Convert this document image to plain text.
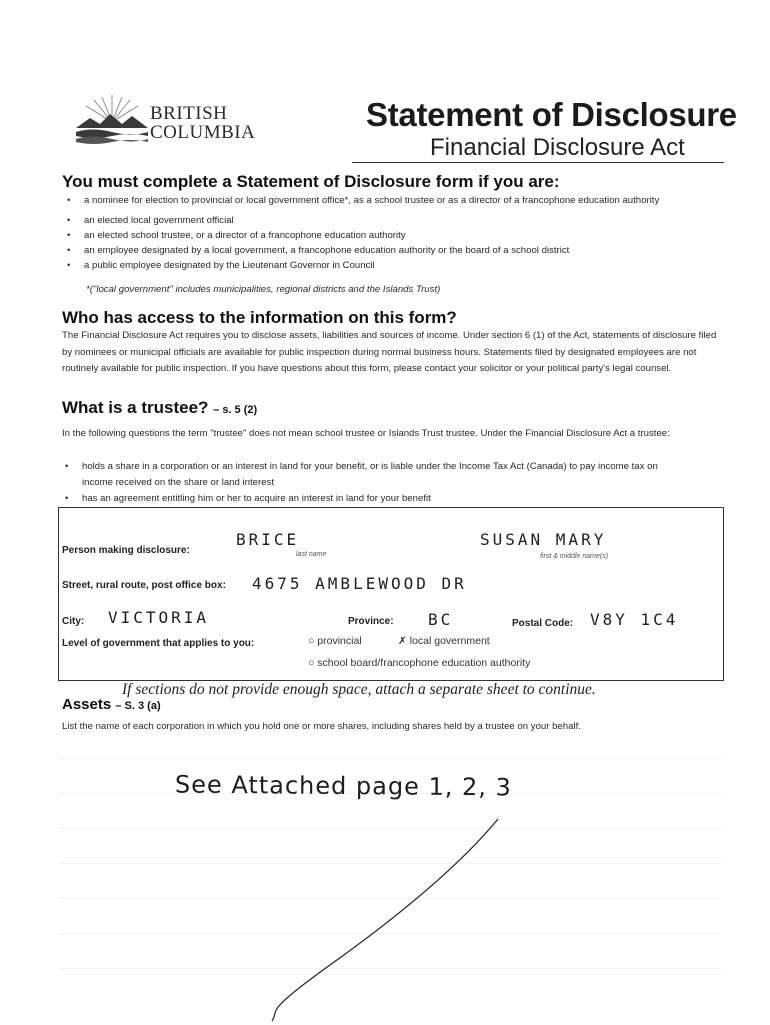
BRITISH
COLUMBIA	Statement of Disclosure
Financial Disclosure Act
You must complete a Statement of Disclosure form if you are:
• a nominee for election to provincial or local government office*, as a school trustee or as a director of a francophone education authority
• an elected local government official
• an elected school trustee, or a director of a francophone education authority
• an employee designated by a local government, a francophone education authority or the board of a school district
• a public employee designated by the Lieutenant Governor in Council
*("local government" includes municipalities, regional districts and the Islands Trust)
Who has access to the information on this form?
The Financial Disclosure Act requires you to disclose assets, liabilities and sources of income. Under section 6 (1) of the Act, statements of disclosure filed by nominees or municipal officials are available for public inspection during normal business hours. Statements filed by designated employees are not routinely available for public inspection. If you have questions about this form, please contact your solicitor or your political party's legal counsel.
What is a trustee? – s. 5 (2)
In the following questions the term "trustee" does not mean school trustee or Islands Trust trustee. Under the Financial Disclosure Act a trustee:
• holds a share in a corporation or an interest in land for your benefit, or is liable under the Income Tax Act (Canada) to pay income tax on income received on the share or land interest
• has an agreement entitling him or her to acquire an interest in land for your benefit
Person making disclosure:
BRICE
last name
SUSAN MARY
first & middle name(s)
Street, rural route, post office box: 4675 AMBLEWOOD DR
City: VICTORIA	Province: BC	Postal Code: V8Y 1C4
Level of government that applies to you:	○ provincial	✗ local government
○ school board/francophone education authority
If sections do not provide enough space, attach a separate sheet to continue.
Assets – S. 3 (a)
List the name of each corporation in which you hold one or more shares, including shares held by a trustee on your behalf.
See Attached page 1, 2, 3
